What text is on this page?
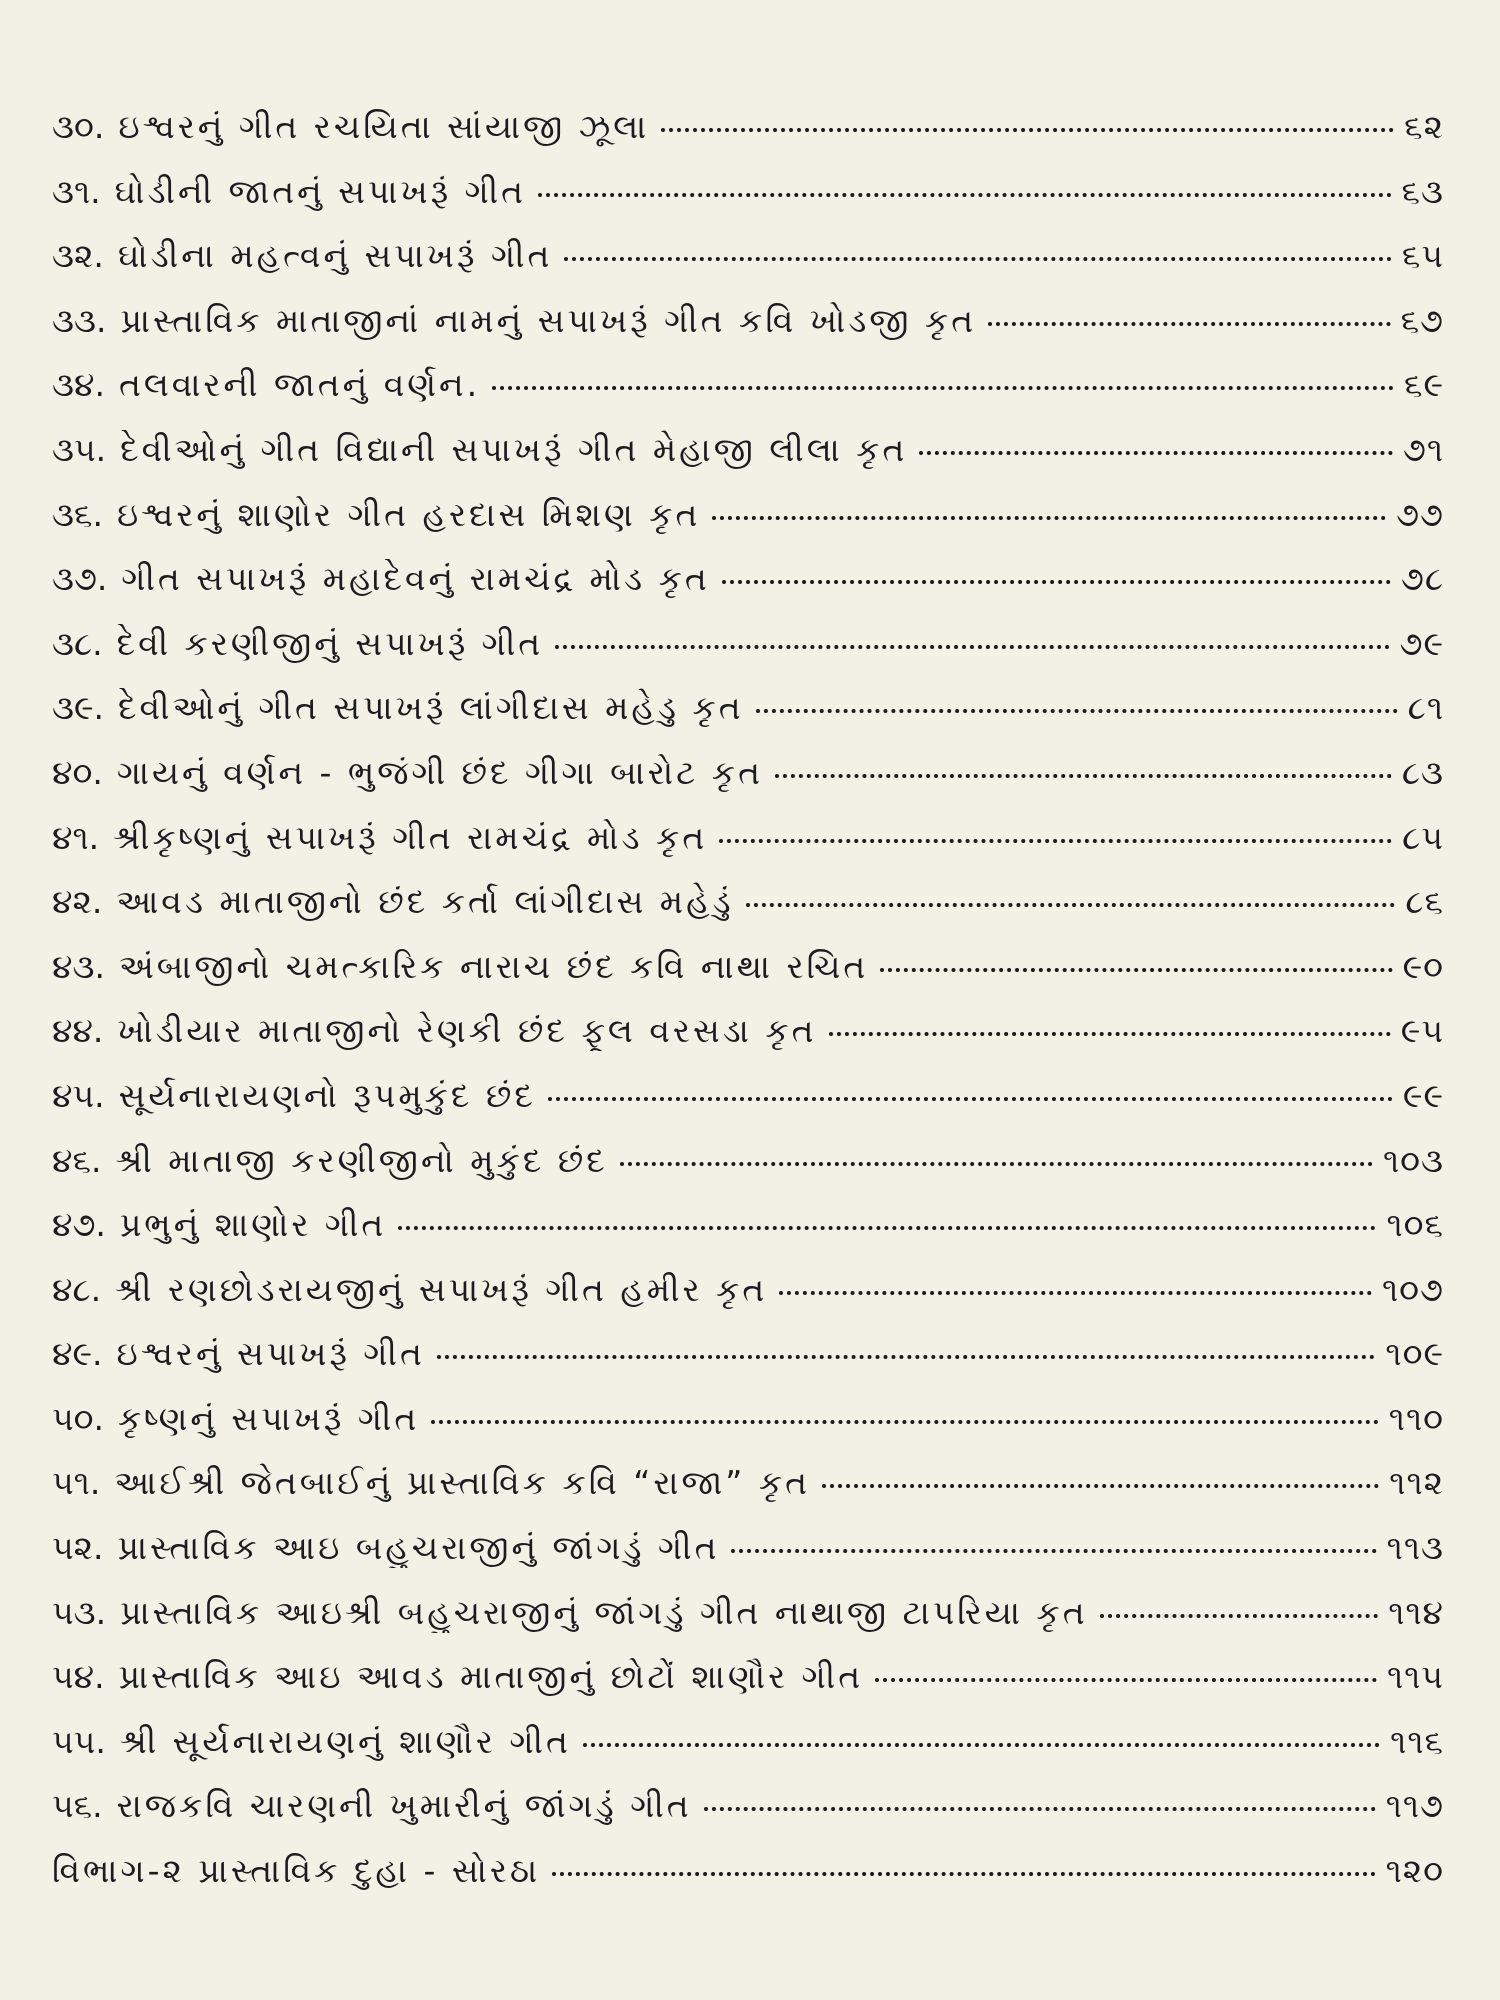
૩૦. ઇશ્વરનું ગીત રચયિતા સાંયાજી ઝૂલા	૬૨
૩૧. ઘોડીની જાતનું સપાખરૂં ગીત	૬૩
૩૨. ઘોડીના મહત્વનું સપાખરૂં ગીત	૬૫
૩૩. પ્રાસ્તાવિક માતાજીનાં નામનું સપાખરૂં ગીત કવિ ખોડજી કૃત	૬૭
૩૪. તલવારની જાતનું વર્ણન.	૬૯
૩૫. દેવીઓનું ગીત વિદ્યાની સપાખરૂં ગીત મેહાજી લીલા કૃત	૭૧
૩૬. ઇશ્વરનું શાણોર ગીત હરદાસ મિશણ કૃત	૭૭
૩૭. ગીત સપાખરૂં મહાદેવનું રામચંદ્ર મોડ કૃત	૭૮
૩૮. દેવી કરણીજીનું સપાખરૂં ગીત	૭૯
૩૯. દેવીઓનું ગીત સપાખરૂં લાંગીદાસ મહેડુ કૃત	૮૧
૪૦. ગાયનું વર્ણન - ભુજંગી છંદ ગીગા બારોટ કૃત	૮૩
૪૧. શ્રીકૃષ્ણનું સપાખરૂં ગીત રામચંદ્ર મોડ કૃત	૮૫
૪૨. આવડ માતાજીનો છંદ કર્તા લાંગીદાસ મહેડું	૮૬
૪૩. અંબાજીનો ચમત્કારિક નારાચ છંદ કવિ નાથા રચિત	૯૦
૪૪. ખોડીયાર માતાજીનો રેણકી છંદ ફૂલ વરસડા કૃત	૯૫
૪૫. સૂર્યનારાયણનો રૂપમુકુંદ છંદ	૯૯
૪૬. શ્રી માતાજી કરણીજીનો મુકુંદ છંદ	૧૦૩
૪૭. પ્રભુનું શાણોર ગીત	૧૦૬
૪૮. શ્રી રણછોડરાયજીનું સપાખરૂં ગીત હમીર કૃત	૧૦૭
૪૯. ઇશ્વરનું સપાખરૂં ગીત	૧૦૯
૫૦. કૃષ્ણનું સપાખરૂં ગીત	૧૧૦
૫૧. આઈશ્રી જેતબાઈનું પ્રાસ્તાવિક કવિ “રાજા” કૃત	૧૧૨
૫૨. પ્રાસ્તાવિક આઇ બહુચરાજીનું જાંગડું ગીત	૧૧૩
૫૩. પ્રાસ્તાવિક આઇશ્રી બહુચરાજીનું જાંગડું ગીત નાથાજી ટાપરિયા કૃત	૧૧૪
૫૪. પ્રાસ્તાવિક આઇ આવડ માતાજીનું છોટોં શાણૌર ગીત	૧૧૫
૫૫. શ્રી સૂર્યનારાયણનું શાણૌર ગીત	૧૧૬
૫૬. રાજકવિ ચારણની ખુમારીનું જાંગડું ગીત	૧૧૭
વિભાગ-૨ પ્રાસ્તાવિક દુહા - સોરઠા	૧૨૦
